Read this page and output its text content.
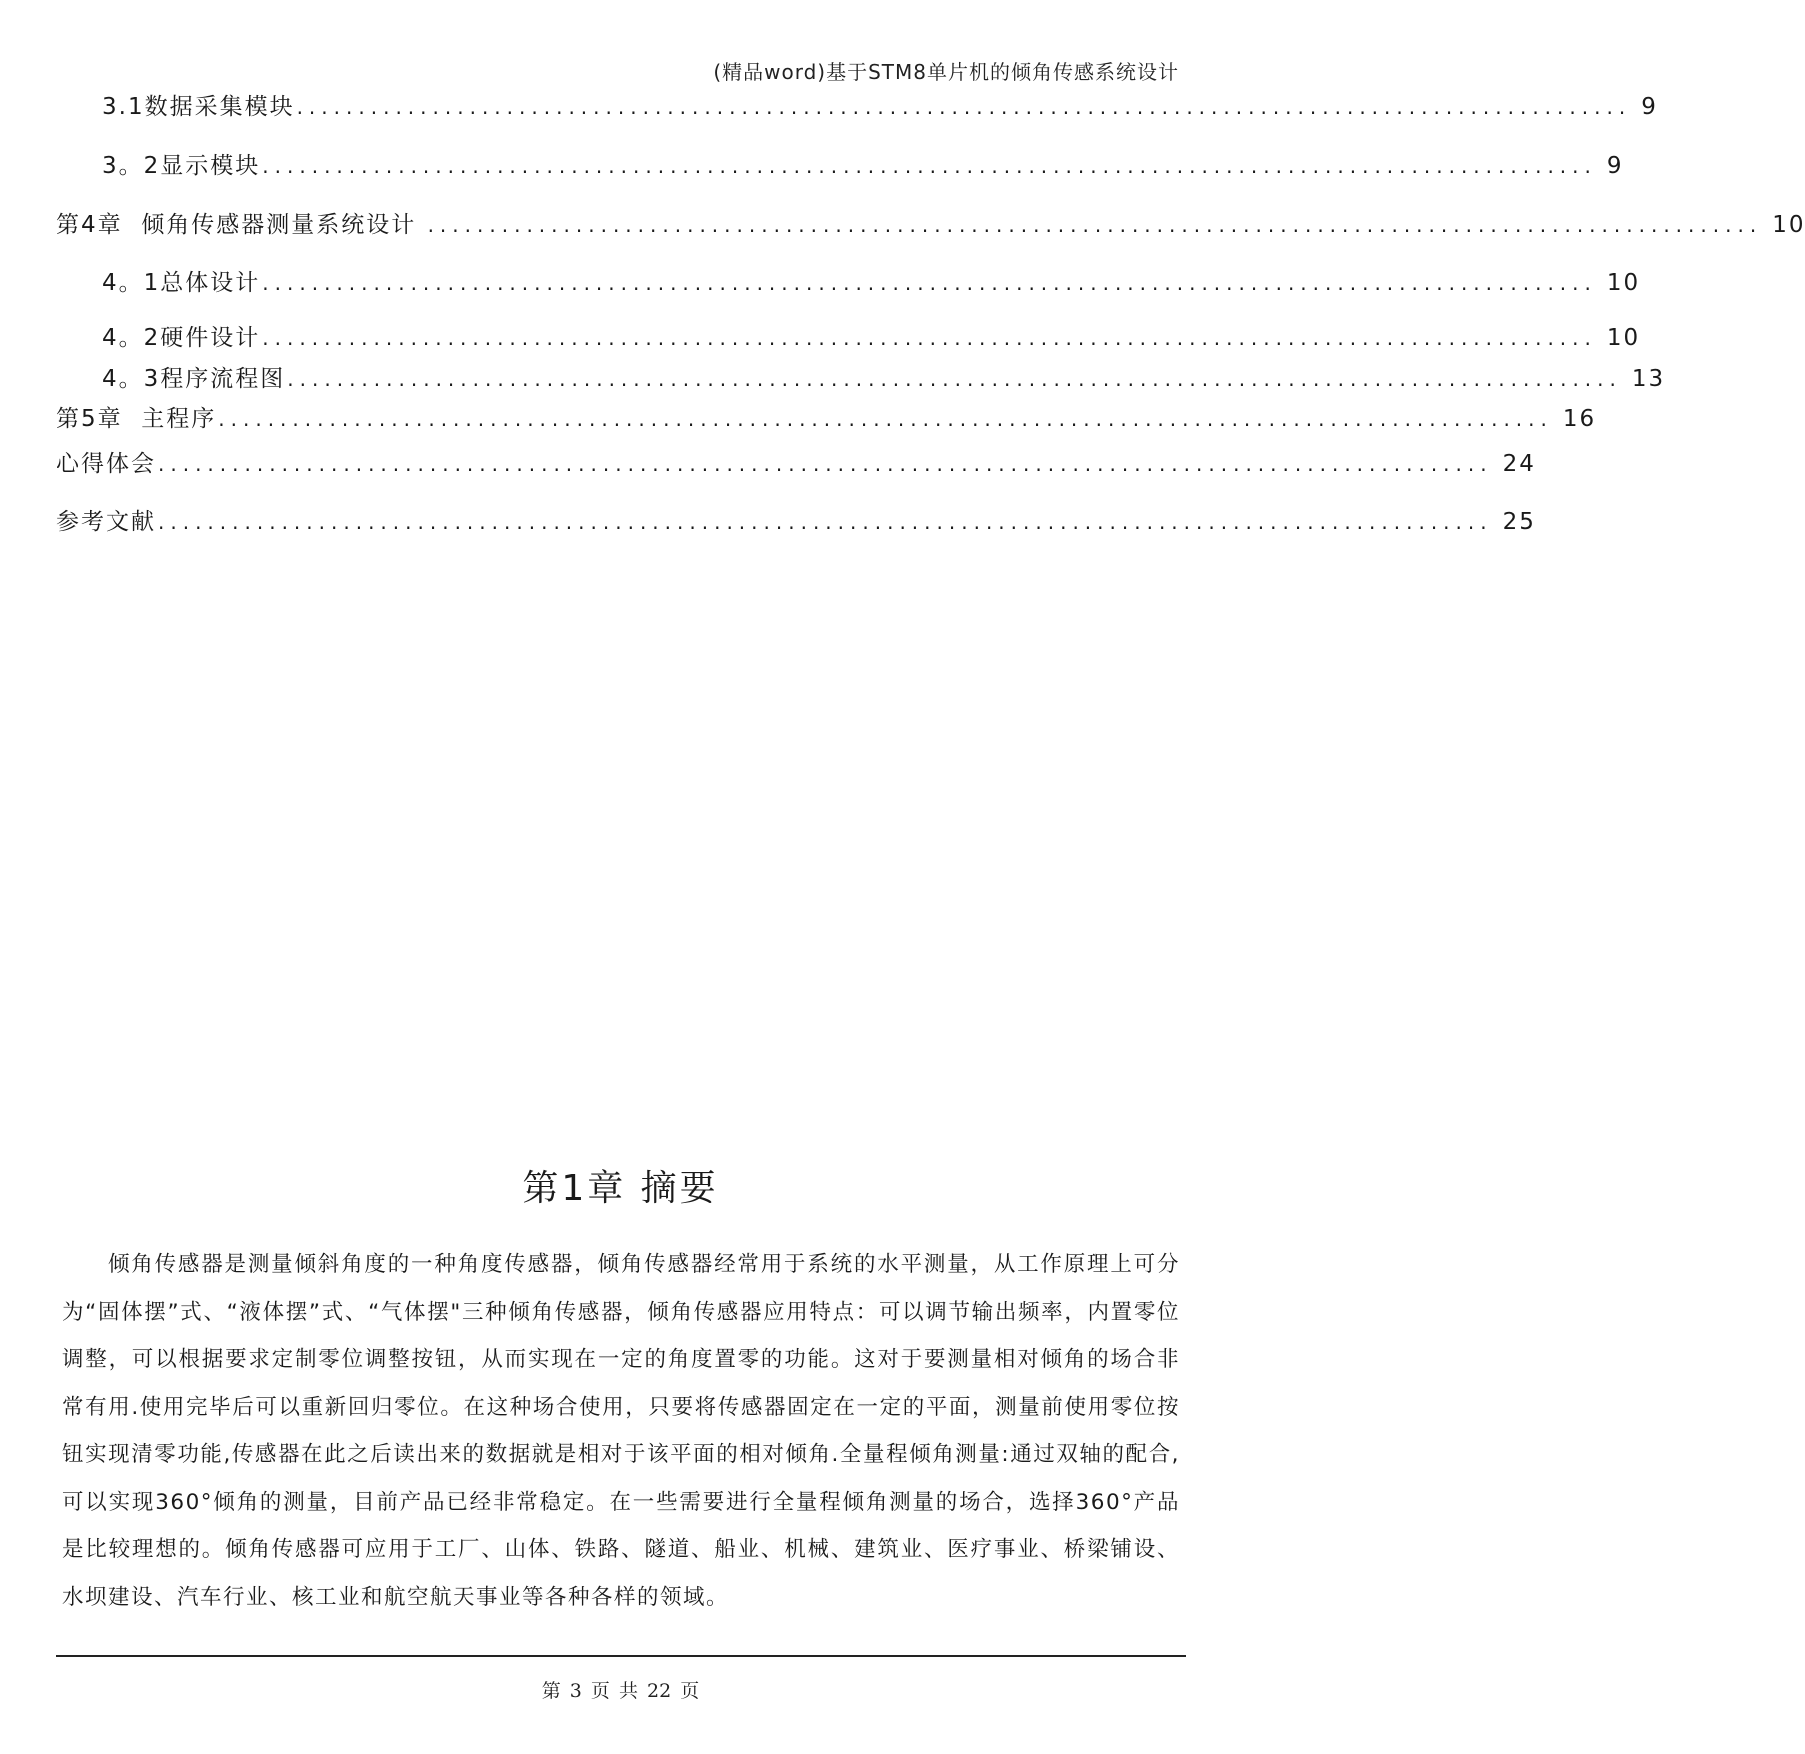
(精品word)基于STM8单片机的倾角传感系统设计
3.1数据采集模块 ............................................................................................................ 9
3。2显示模块 ............................................................................................................ 9
第4章  倾角传感器测量系统设计 ............................................................................................................ 10
4。1总体设计 ............................................................................................................ 10
4。2硬件设计 ............................................................................................................ 10
4。3程序流程图 ............................................................................................................ 13
第5章  主程序 ............................................................................................................ 16
心得体会 ............................................................................................................ 24
参考文献 ............................................................................................................ 25
第1章 摘要

倾角传感器是测量倾斜角度的一种角度传感器，倾角传感器经常用于系统的水平测量，从工作原理上可分为“固体摆”式、“液体摆”式、“气体摆"三种倾角传感器，倾角传感器应用特点：可以调节输出频率，内置零位调整，可以根据要求定制零位调整按钮，从而实现在一定的角度置零的功能。这对于要测量相对倾角的场合非常有用.使用完毕后可以重新回归零位。在这种场合使用，只要将传感器固定在一定的平面，测量前使用零位按钮实现清零功能,传感器在此之后读出来的数据就是相对于该平面的相对倾角.全量程倾角测量:通过双轴的配合,可以实现360°倾角的测量，目前产品已经非常稳定。在一些需要进行全量程倾角测量的场合，选择360°产品是比较理想的。倾角传感器可应用于工厂、山体、铁路、隧道、船业、机械、建筑业、医疗事业、桥梁铺设、水坝建设、汽车行业、核工业和航空航天事业等各种各样的领域。

第 3 页 共 22 页
